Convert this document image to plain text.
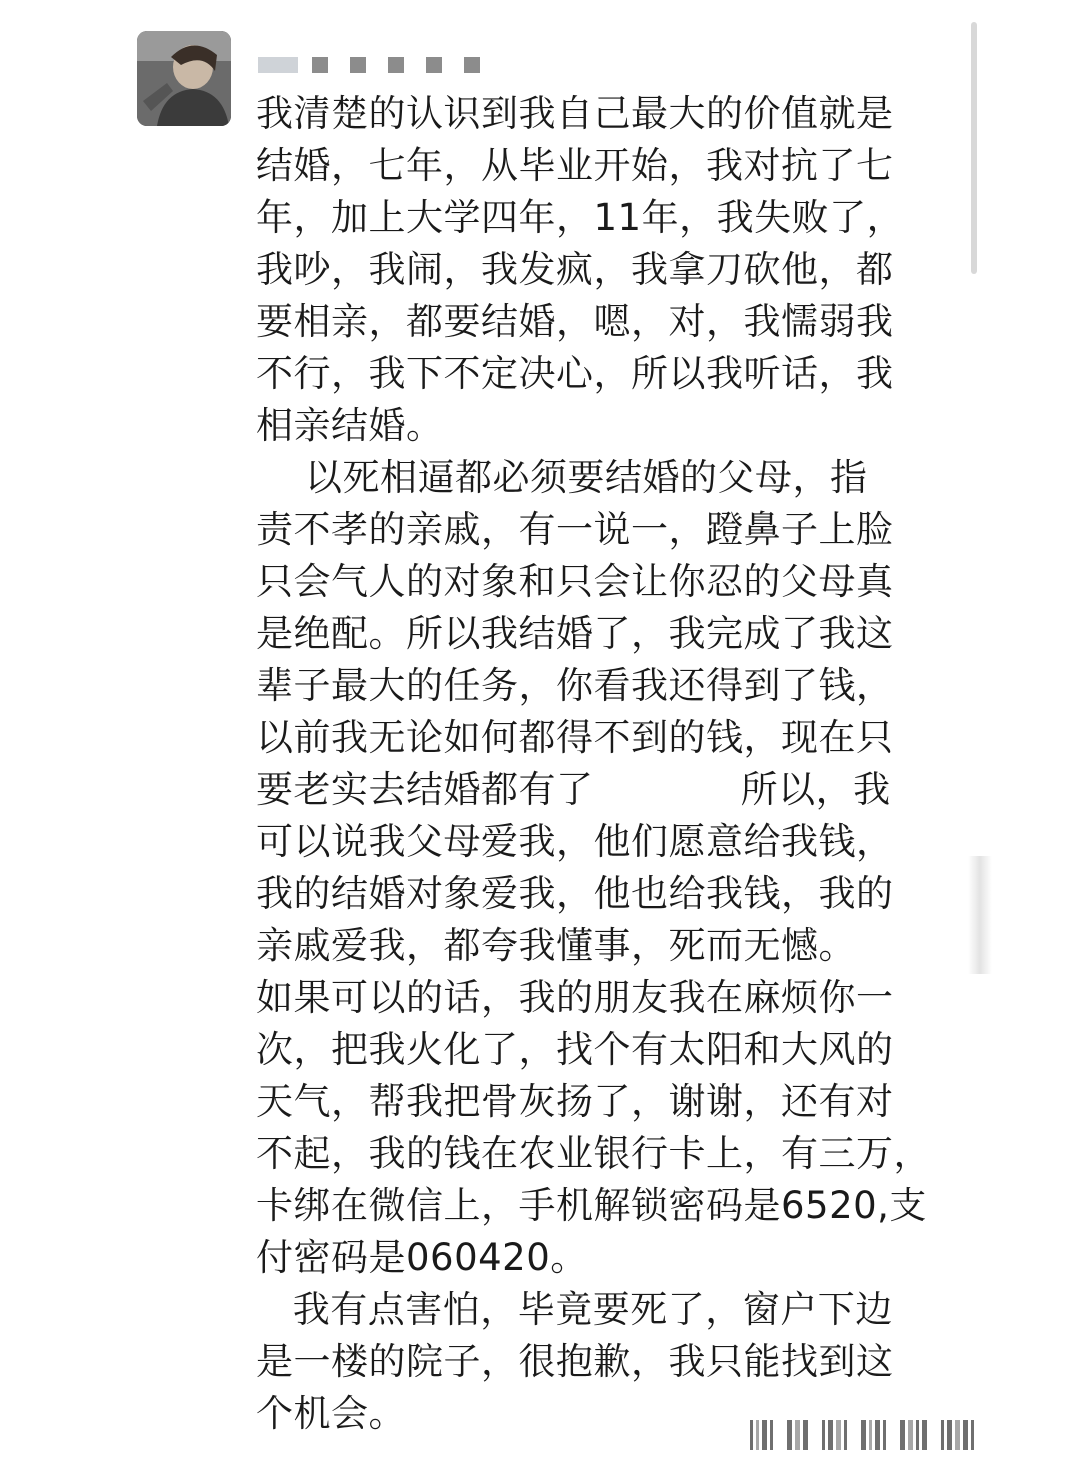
我清楚的认识到我自己最大的价值就是
结婚，七年，从毕业开始，我对抗了七
年，加上大学四年，11年，我失败了，
我吵，我闹，我发疯，我拿刀砍他，都
要相亲，都要结婚，嗯，对，我懦弱我
不行，我下不定决心，所以我听话，我
相亲结婚。
以死相逼都必须要结婚的父母，指
责不孝的亲戚，有一说一，蹬鼻子上脸
只会气人的对象和只会让你忍的父母真
是绝配。所以我结婚了，我完成了我这
辈子最大的任务，你看我还得到了钱，
以前我无论如何都得不到的钱，现在只
要老实去结婚都有了            所以，我
可以说我父母爱我，他们愿意给我钱，
我的结婚对象爱我，他也给我钱，我的
亲戚爱我，都夸我懂事，死而无憾。
如果可以的话，我的朋友我在麻烦你一
次，把我火化了，找个有太阳和大风的
天气，帮我把骨灰扬了，谢谢，还有对
不起，我的钱在农业银行卡上，有三万，
卡绑在微信上，手机解锁密码是6520,支
付密码是060420。
我有点害怕，毕竟要死了，窗户下边
是一楼的院子，很抱歉，我只能找到这
个机会。
